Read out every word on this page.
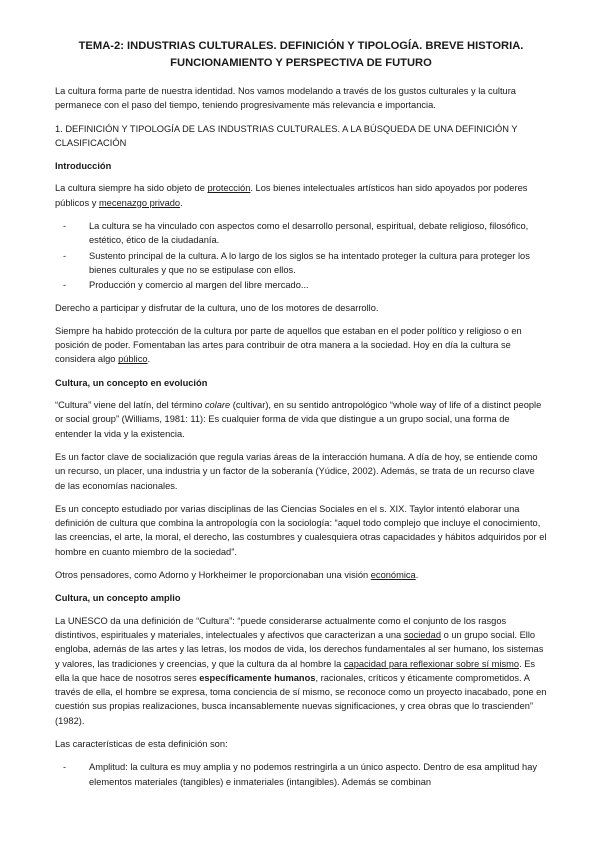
TEMA-2: INDUSTRIAS CULTURALES. DEFINICIÓN Y TIPOLOGÍA. BREVE HISTORIA.
FUNCIONAMIENTO Y PERSPECTIVA DE FUTURO

La cultura forma parte de nuestra identidad. Nos vamos modelando a través de los gustos culturales y la cultura permanece con el paso del tiempo, teniendo progresivamente más relevancia e importancia.

1. DEFINICIÓN Y TIPOLOGÍA DE LAS INDUSTRIAS CULTURALES. A LA BÚSQUEDA DE UNA DEFINICIÓN Y CLASIFICACIÓN

Introducción

La cultura siempre ha sido objeto de protección. Los bienes intelectuales artísticos han sido apoyados por poderes públicos y mecenazgo privado.

- La cultura se ha vinculado con aspectos como el desarrollo personal, espiritual, debate religioso, filosófico, estético, ético de la ciudadanía.
- Sustento principal de la cultura. A lo largo de los siglos se ha intentado proteger la cultura para proteger los bienes culturales y que no se estipulase con ellos.
- Producción y comercio al margen del libre mercado...

Derecho a participar y disfrutar de la cultura, uno de los motores de desarrollo.

Siempre ha habido protección de la cultura por parte de aquellos que estaban en el poder político y religioso o en posición de poder. Fomentaban las artes para contribuir de otra manera a la sociedad. Hoy en día la cultura se considera algo público.

Cultura, un concepto en evolución

“Cultura” viene del latín, del término colare (cultivar), en su sentido antropológico “whole way of life of a distinct people or social group” (Williams, 1981: 11): Es cualquier forma de vida que distingue a un grupo social, una forma de entender la vida y la existencia.

Es un factor clave de socialización que regula varias áreas de la interacción humana. A día de hoy, se entiende como un recurso, un placer, una industria y un factor de la soberanía (Yúdice, 2002). Además, se trata de un recurso clave de las economías nacionales.

Es un concepto estudiado por varias disciplinas de las Ciencias Sociales en el s. XIX. Taylor intentó elaborar una definición de cultura que combina la antropología con la sociología: “aquel todo complejo que incluye el conocimiento, las creencias, el arte, la moral, el derecho, las costumbres y cualesquiera otras capacidades y hábitos adquiridos por el hombre en cuanto miembro de la sociedad”.

Otros pensadores, como Adorno y Horkheimer le proporcionaban una visión económica.

Cultura, un concepto amplio

La UNESCO da una definición de “Cultura”: “puede considerarse actualmente como el conjunto de los rasgos distintivos, espirituales y materiales, intelectuales y afectivos que caracterizan a una sociedad o un grupo social. Ello engloba, además de las artes y las letras, los modos de vida, los derechos fundamentales al ser humano, los sistemas y valores, las tradiciones y creencias, y que la cultura da al hombre la capacidad para reflexionar sobre sí mismo. Es ella la que hace de nosotros seres específicamente humanos, racionales, críticos y éticamente comprometidos. A través de ella, el hombre se expresa, toma conciencia de sí mismo, se reconoce como un proyecto inacabado, pone en cuestión sus propias realizaciones, busca incansablemente nuevas significaciones, y crea obras que lo trascienden” (1982).

Las características de esta definición son:

- Amplitud: la cultura es muy amplia y no podemos restringirla a un único aspecto. Dentro de esa amplitud hay elementos materiales (tangibles) e inmateriales (intangibles). Además se combinan
